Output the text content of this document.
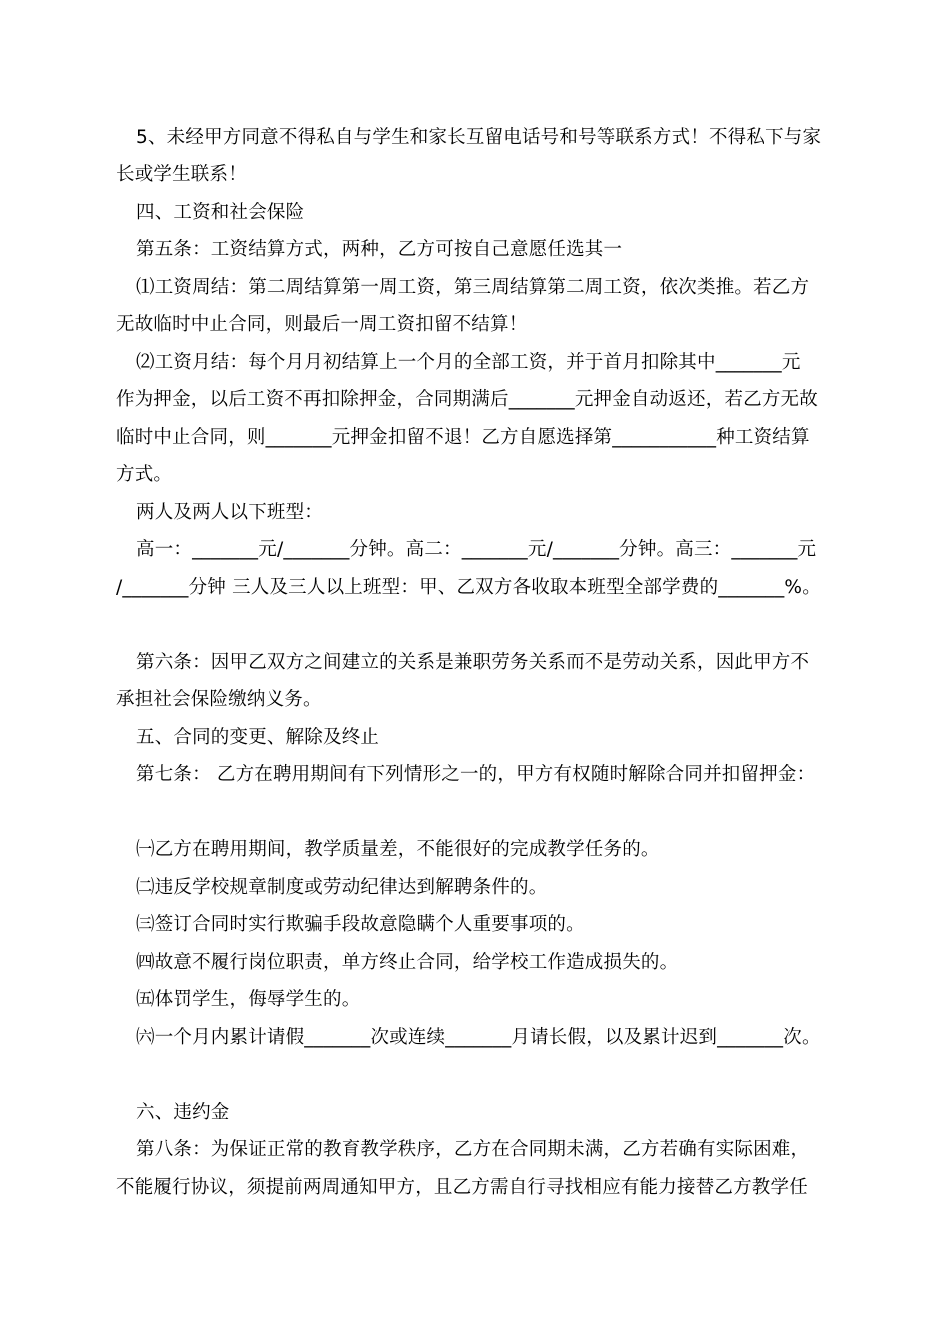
5、未经甲方同意不得私自与学生和家长互留电话号和号等联系方式！不得私下与家
长或学生联系！
四、工资和社会保险
第五条：工资结算方式，两种，乙方可按自己意愿任选其一
⑴工资周结：第二周结算第一周工资，第三周结算第二周工资，依次类推。若乙方
无故临时中止合同，则最后一周工资扣留不结算！
⑵工资月结：每个月月初结算上一个月的全部工资，并于首月扣除其中_______元
作为押金，以后工资不再扣除押金，合同期满后_______元押金自动返还，若乙方无故
临时中止合同，则_______元押金扣留不退！乙方自愿选择第___________种工资结算
方式。
两人及两人以下班型：
高一：_______元/_______分钟。高二：_______元/_______分钟。高三：_______元
/_______分钟 三人及三人以上班型：甲、乙双方各收取本班型全部学费的_______%。
第六条：因甲乙双方之间建立的关系是兼职劳务关系而不是劳动关系，因此甲方不
承担社会保险缴纳义务。
五、合同的变更、解除及终止
第七条： 乙方在聘用期间有下列情形之一的，甲方有权随时解除合同并扣留押金：
㈠乙方在聘用期间，教学质量差，不能很好的完成教学任务的。
㈡违反学校规章制度或劳动纪律达到解聘条件的。
㈢签订合同时实行欺骗手段故意隐瞒个人重要事项的。
㈣故意不履行岗位职责，单方终止合同，给学校工作造成损失的。
㈤体罚学生，侮辱学生的。
㈥一个月内累计请假_______次或连续_______月请长假，以及累计迟到_______次。
六、违约金
第八条：为保证正常的教育教学秩序，乙方在合同期未满，乙方若确有实际困难，
不能履行协议，须提前两周通知甲方，且乙方需自行寻找相应有能力接替乙方教学任
